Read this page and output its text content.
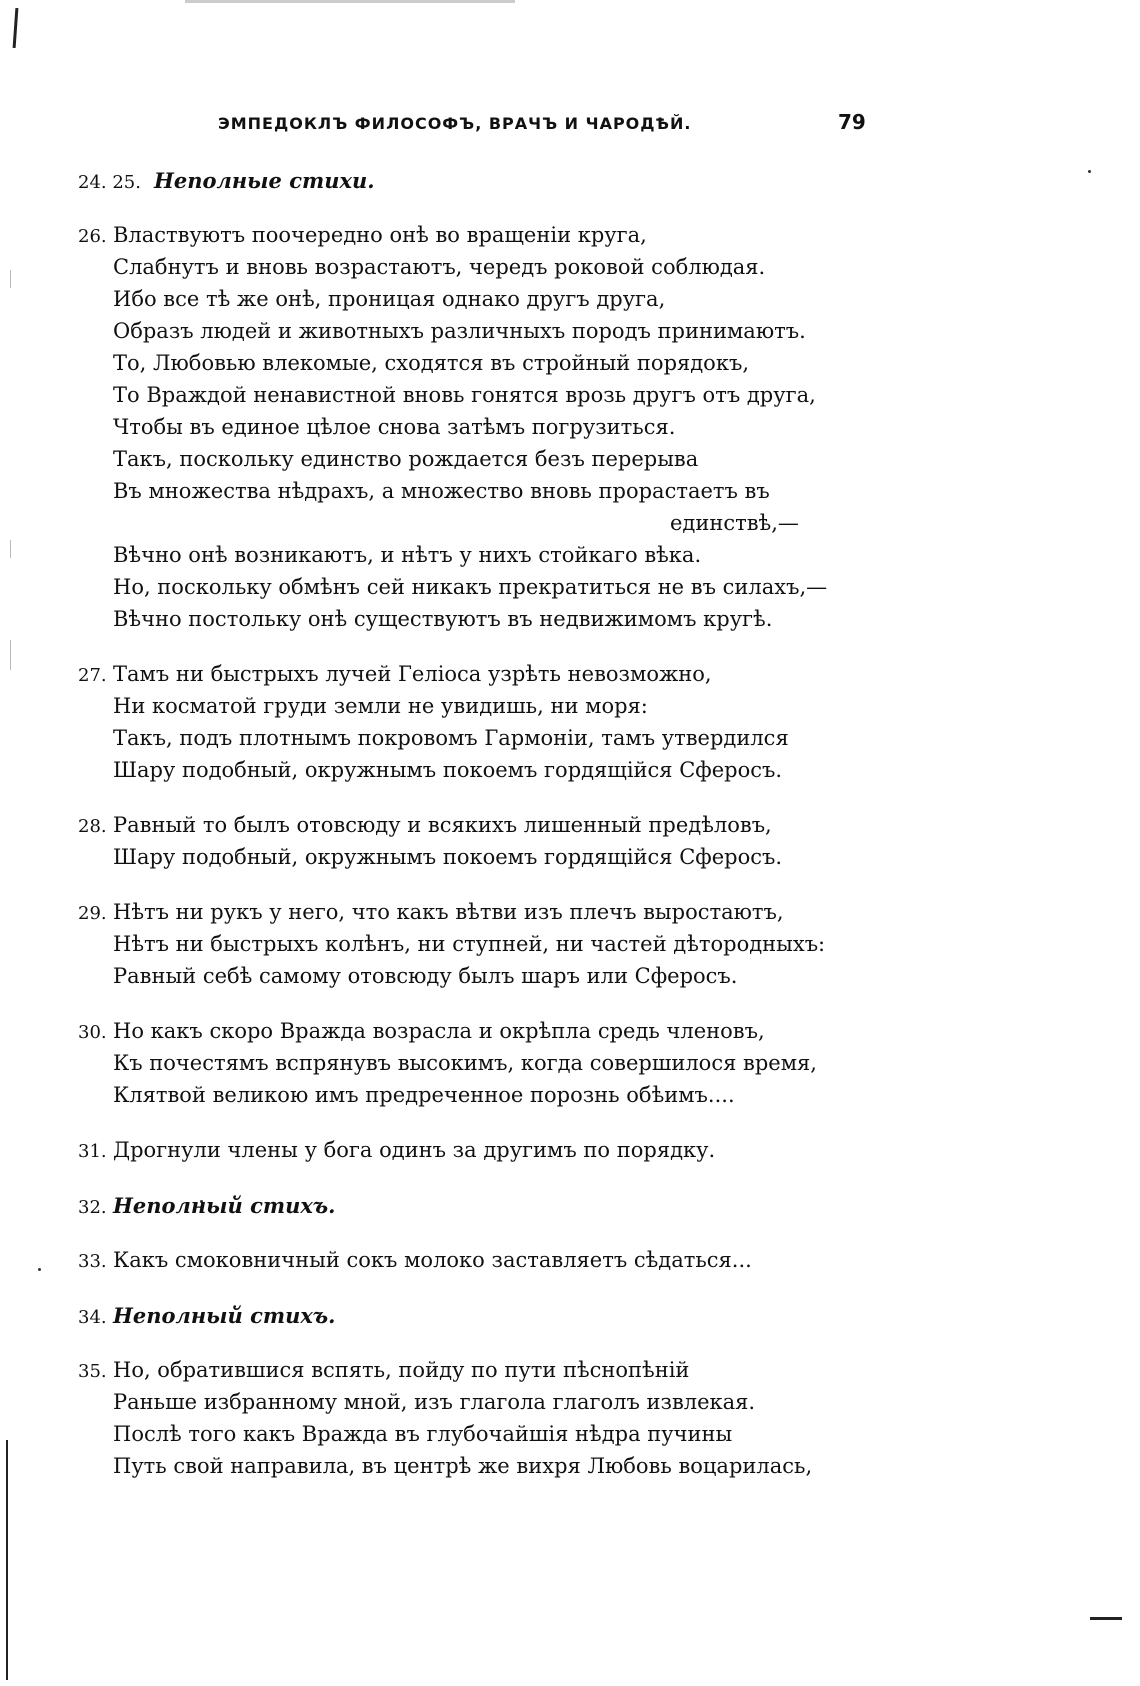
ЭМПЕДОКЛЪ ФИЛОСОФЪ, ВРАЧЪ И ЧАРОДѢЙ.	79
24. 25. Неполные стихи.
26. Властвуютъ поочередно онѣ во вращеніи круга,
Слабнутъ и вновь возрастаютъ, чередъ роковой соблюдая.
Ибо все тѣ же онѣ, проницая однако другъ друга,
Образъ людей и животныхъ различныхъ породъ принимаютъ.
То, Любовью влекомые, сходятся въ стройный порядокъ,
То Враждой ненавистной вновь гонятся врозь другъ отъ друга,
Чтобы въ единое цѣлое снова затѣмъ погрузиться.
Такъ, поскольку единство рождается безъ перерыва
Въ множества нѣдрахъ, а множество вновь прорастаетъ въ
единствѣ,—
Вѣчно онѣ возникаютъ, и нѣтъ у нихъ стойкаго вѣка.
Но, поскольку обмѣнъ сей никакъ прекратиться не въ силахъ,—
Вѣчно постольку онѣ существуютъ въ недвижимомъ кругѣ.
27. Тамъ ни быстрыхъ лучей Геліоса узрѣть невозможно,
Ни косматой груди земли не увидишь, ни моря:
Такъ, подъ плотнымъ покровомъ Гармоніи, тамъ утвердился
Шару подобный, окружнымъ покоемъ гордящійся Сферосъ.
28. Равный то былъ отовсюду и всякихъ лишенный предѣловъ,
Шару подобный, окружнымъ покоемъ гордящійся Сферосъ.
29. Нѣтъ ни рукъ у него, что какъ вѣтви изъ плечъ выростаютъ,
Нѣтъ ни быстрыхъ колѣнъ, ни ступней, ни частей дѣтородныхъ:
Равный себѣ самому отовсюду былъ шаръ или Сферосъ.
30. Но какъ скоро Вражда возрасла и окрѣпла средь членовъ,
Къ почестямъ вспрянувъ высокимъ, когда совершилося время,
Клятвой великою имъ предреченное порознь обѣимъ....
31. Дрогнули члены у бога одинъ за другимъ по порядку.
32. Неполный стихъ.
33. Какъ смоковничный сокъ молоко заставляетъ сѣдаться...
34. Неполный стихъ.
35. Но, обратившися вспять, пойду по пути пѣснопѣній
Раньше избранному мной, изъ глагола глаголъ извлекая.
Послѣ того какъ Вражда въ глубочайшія нѣдра пучины
Путь свой направила, въ центрѣ же вихря Любовь воцарилась,
